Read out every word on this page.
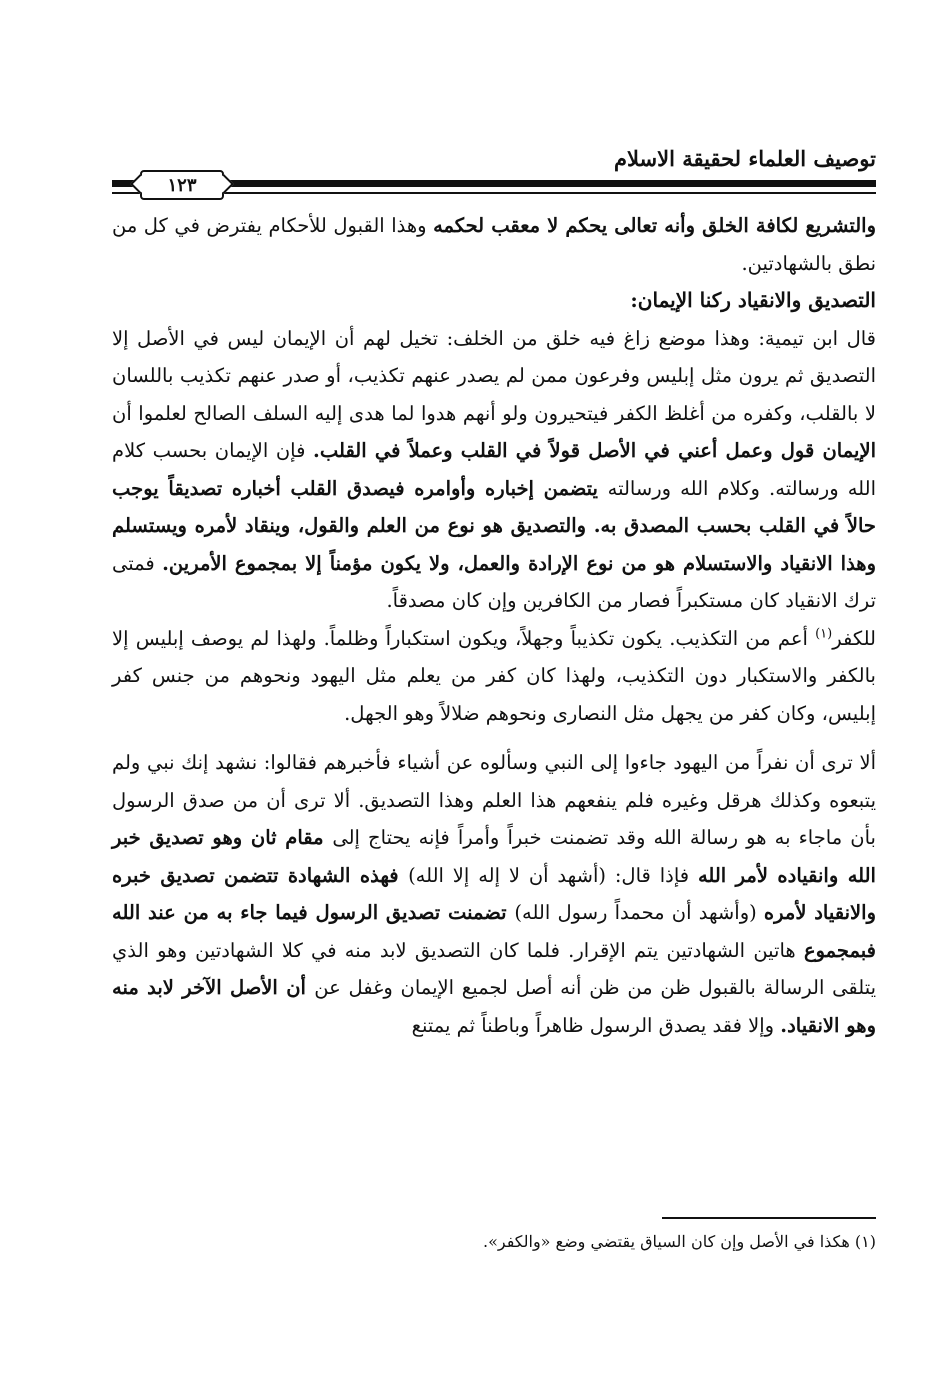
توصيف العلماء لحقيقة الاسلام
١٢٣

والتشريع لكافة الخلق وأنه تعالى يحكم لا معقب لحكمه وهذا القبول للأحكام يفترض في كل من نطق بالشهادتين.

التصديق والانقياد ركنا الإيمان:

قال ابن تيمية: وهذا موضع زاغ فيه خلق من الخلف: تخيل لهم أن الإيمان ليس في الأصل إلا التصديق ثم يرون مثل إبليس وفرعون ممن لم يصدر عنهم تكذيب، أو صدر عنهم تكذيب باللسان لا بالقلب، وكفره من أغلظ الكفر فيتحيرون ولو أنهم هدوا لما هدى إليه السلف الصالح لعلموا أن الإيمان قول وعمل أعني في الأصل قولاً في القلب وعملاً في القلب. فإن الإيمان بحسب كلام الله ورسالته. وكلام الله ورسالته يتضمن إخباره وأوامره فيصدق القلب أخباره تصديقاً يوجب حالاً في القلب بحسب المصدق به. والتصديق هو نوع من العلم والقول، وينقاد لأمره ويستسلم وهذا الانقياد والاستسلام هو من نوع الإرادة والعمل، ولا يكون مؤمناً إلا بمجموع الأمرين. فمتى ترك الانقياد كان مستكبراً فصار من الكافرين وإن كان مصدقاً.

للكفر$^{(١)}$ أعم من التكذيب. يكون تكذيباً وجهلاً، ويكون استكباراً وظلماً. ولهذا لم يوصف إبليس إلا بالكفر والاستكبار دون التكذيب، ولهذا كان كفر من يعلم مثل اليهود ونحوهم من جنس كفر إبليس، وكان كفر من يجهل مثل النصارى ونحوهم ضلالاً وهو الجهل.

ألا ترى أن نفراً من اليهود جاءوا إلى النبي وسألوه عن أشياء فأخبرهم فقالوا: نشهد إنك نبي ولم يتبعوه وكذلك هرقل وغيره فلم ينفعهم هذا العلم وهذا التصديق. ألا ترى أن من صدق الرسول بأن ماجاء به هو رسالة الله وقد تضمنت خبراً وأمراً فإنه يحتاج إلى مقام ثان وهو تصديق خبر الله وانقياده لأمر الله فإذا قال: (أشهد أن لا إله إلا الله) فهذه الشهادة تتضمن تصديق خبره والانقياد لأمره (وأشهد أن محمداً رسول الله) تضمنت تصديق الرسول فيما جاء به من عند الله فبمجموع هاتين الشهادتين يتم الإقرار. فلما كان التصديق لابد منه في كلا الشهادتين وهو الذي يتلقى الرسالة بالقبول ظن من ظن أنه أصل لجميع الإيمان وغفل عن أن الأصل الآخر لابد منه وهو الانقياد. وإلا فقد يصدق الرسول ظاهراً وباطناً ثم يمتنع

(١) هكذا في الأصل وإن كان السياق يقتضي وضع «والكفر».
